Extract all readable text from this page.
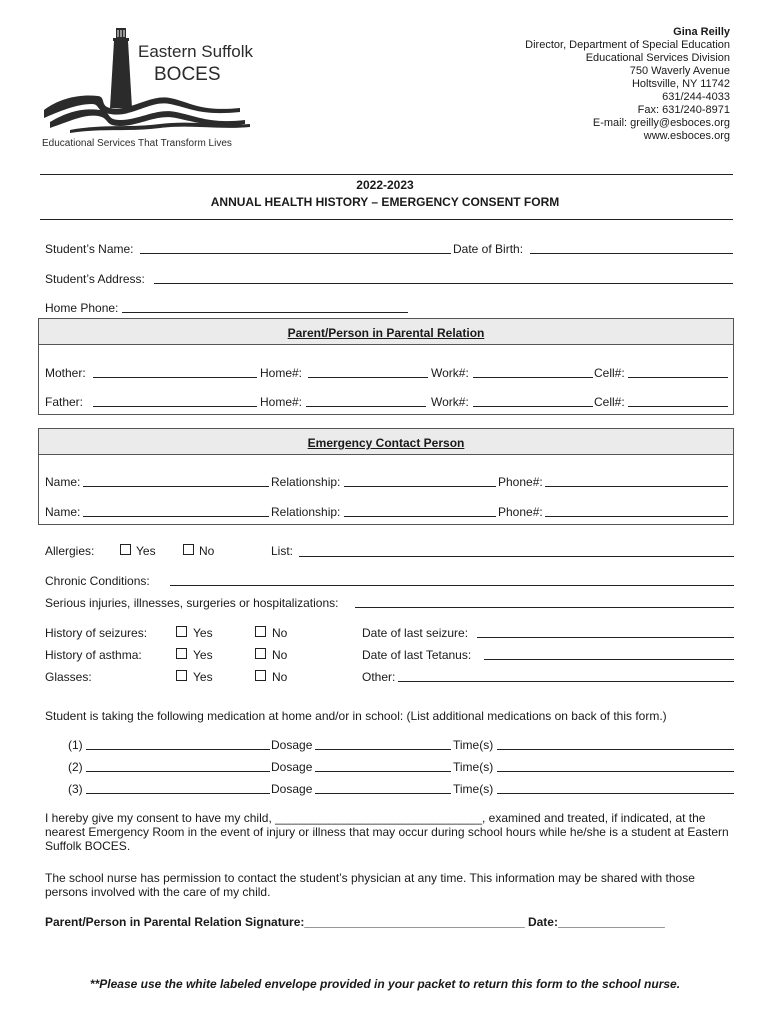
Eastern Suffolk
BOCES
Educational Services That Transform Lives
Gina Reilly
Director, Department of Special Education
Educational Services Division
750 Waverly Avenue
Holtsville, NY 11742
631/244-4033
Fax: 631/240-8971
E-mail: greilly@esboces.org
www.esboces.org
2022-2023
ANNUAL HEALTH HISTORY – EMERGENCY CONSENT FORM
Student’s Name:	Date of Birth:
Student’s Address:
Home Phone:
Parent/Person in Parental Relation
Mother:	Home#:	Work#:	Cell#:
Father:	Home#:	Work#:	Cell#:
Emergency Contact Person
Name:	Relationship:	Phone#:
Name:	Relationship:	Phone#:
Allergies:	Yes	No	List:
Chronic Conditions:
Serious injuries, illnesses, surgeries or hospitalizations:
History of seizures:	Yes	No	Date of last seizure:
History of asthma:	Yes	No	Date of last Tetanus:
Glasses:	Yes	No	Other:
Student is taking the following medication at home and/or in school: (List additional medications on back of this form.)
(1)	Dosage	Time(s)
(2)	Dosage	Time(s)
(3)	Dosage	Time(s)
I hereby give my consent to have my child, _______________________________, examined and treated, if indicated, at the nearest Emergency Room in the event of injury or illness that may occur during school hours while he/she is a student at Eastern Suffolk BOCES.
The school nurse has permission to contact the student’s physician at any time. This information may be shared with those persons involved with the care of my child.
Parent/Person in Parental Relation Signature:_________________________________ Date:________________
**Please use the white labeled envelope provided in your packet to return this form to the school nurse.
